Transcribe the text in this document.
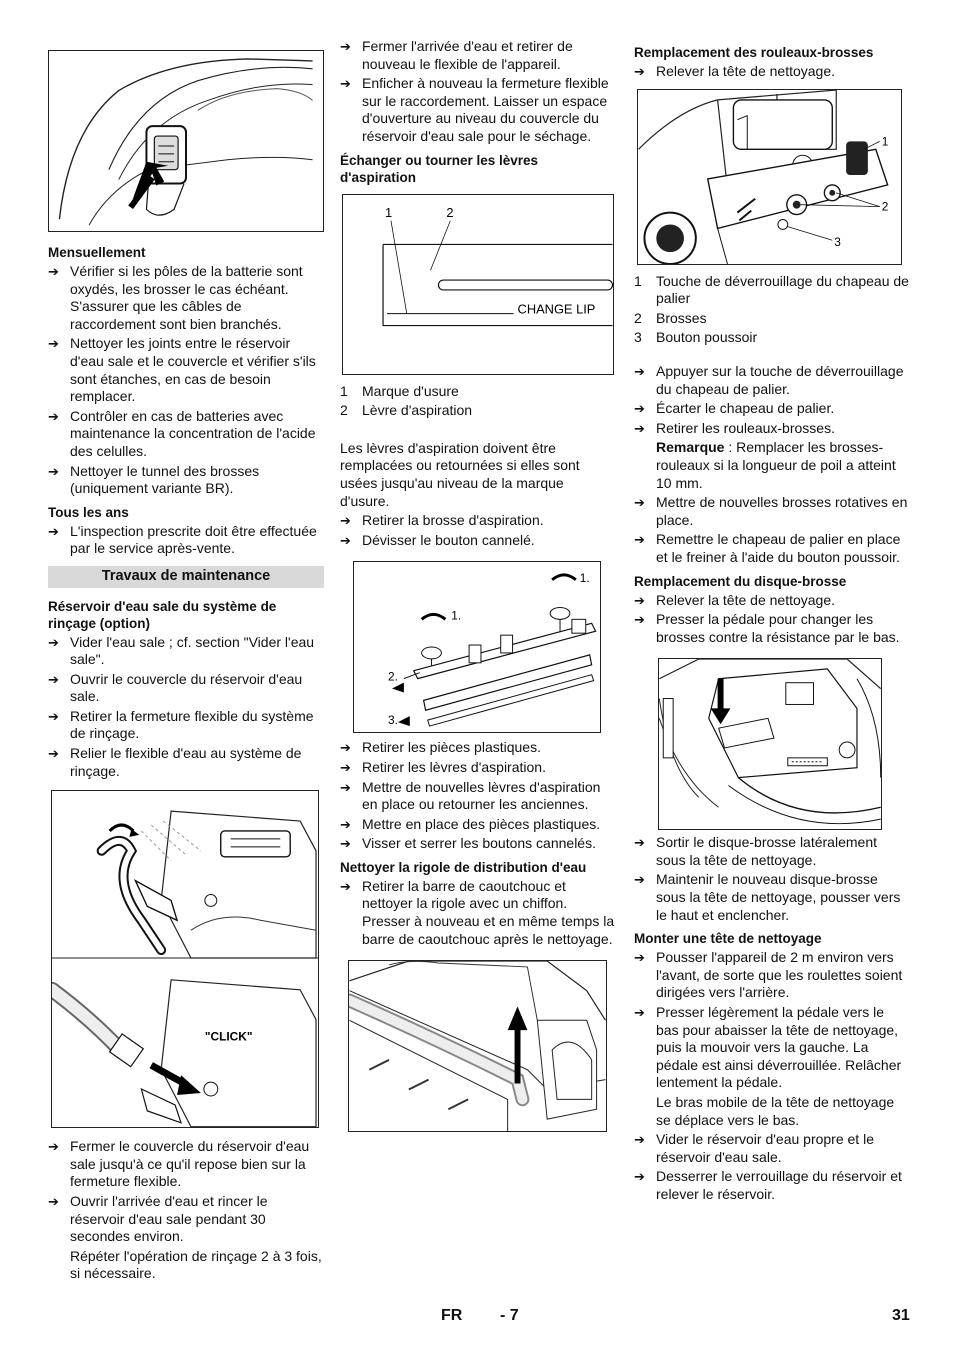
Mensuellement
➔ Vérifier si les pôles de la batterie sont oxydés, les brosser le cas échéant. S'assurer que les câbles de raccordement sont bien branchés.
➔ Nettoyer les joints entre le réservoir d'eau sale et le couvercle et vérifier s'ils sont étanches, en cas de besoin remplacer.
➔ Contrôler en cas de batteries avec maintenance la concentration de l'acide des celulles.
➔ Nettoyer le tunnel des brosses (uniquement variante BR).
Tous les ans
➔ L'inspection prescrite doit être effectuée par le service après-vente.
Travaux de maintenance
Réservoir d'eau sale du système de rinçage (option)
➔ Vider l'eau sale ; cf. section "Vider l'eau sale".
➔ Ouvrir le couvercle du réservoir d'eau sale.
➔ Retirer la fermeture flexible du système de rinçage.
➔ Relier le flexible d'eau au système de rinçage.
"CLICK"
➔ Fermer le couvercle du réservoir d'eau sale jusqu'à ce qu'il repose bien sur la fermeture flexible.
➔ Ouvrir l'arrivée d'eau et rincer le réservoir d'eau sale pendant 30 secondes environ.
Répéter l'opération de rinçage 2 à 3 fois, si nécessaire.
➔ Fermer l'arrivée d'eau et retirer de nouveau le flexible de l'appareil.
➔ Enficher à nouveau la fermeture flexible sur le raccordement. Laisser un espace d'ouverture au niveau du couvercle du réservoir d'eau sale pour le séchage.
Échanger ou tourner les lèvres d'aspiration
1	2
CHANGE LIP
1	Marque d'usure
2	Lèvre d'aspiration

Les lèvres d'aspiration doivent être remplacées ou retournées si elles sont usées jusqu'au niveau de la marque d'usure.

➔ Retirer la brosse d'aspiration.
➔ Dévisser le bouton cannelé.
1.
1.
2.
3.
➔ Retirer les pièces plastiques.
➔ Retirer les lèvres d'aspiration.
➔ Mettre de nouvelles lèvres d'aspiration en place ou retourner les anciennes.
➔ Mettre en place des pièces plastiques.
➔ Visser et serrer les boutons cannelés.
Nettoyer la rigole de distribution d'eau
➔ Retirer la barre de caoutchouc et nettoyer la rigole avec un chiffon. Presser à nouveau et en même temps la barre de caoutchouc après le nettoyage.
Remplacement des rouleaux-brosses
➔ Relever la tête de nettoyage.
1
2
3
1	Touche de déverrouillage du chapeau de palier
2	Brosses
3	Bouton poussoir
➔ Appuyer sur la touche de déverrouillage du chapeau de palier.
➔ Écarter le chapeau de palier.
➔ Retirer les rouleaux-brosses.
Remarque : Remplacer les brosses-rouleaux si la longueur de poil a atteint 10 mm.
➔ Mettre de nouvelles brosses rotatives en place.
➔ Remettre le chapeau de palier en place et le freiner à l'aide du bouton poussoir.
Remplacement du disque-brosse
➔ Relever la tête de nettoyage.
➔ Presser la pédale pour changer les brosses contre la résistance par le bas.
➔ Sortir le disque-brosse latéralement sous la tête de nettoyage.
➔ Maintenir le nouveau disque-brosse sous la tête de nettoyage, pousser vers le haut et enclencher.
Monter une tête de nettoyage
➔ Pousser l'appareil de 2 m environ vers l'avant, de sorte que les roulettes soient dirigées vers l'arrière.
➔ Presser légèrement la pédale vers le bas pour abaisser la tête de nettoyage, puis la mouvoir vers la gauche. La pédale est ainsi déverrouillée. Relâcher lentement la pédale.
Le bras mobile de la tête de nettoyage se déplace vers le bas.
➔ Vider le réservoir d'eau propre et le réservoir d'eau sale.
➔ Desserrer le verrouillage du réservoir et relever le réservoir.
FR - 7	31
